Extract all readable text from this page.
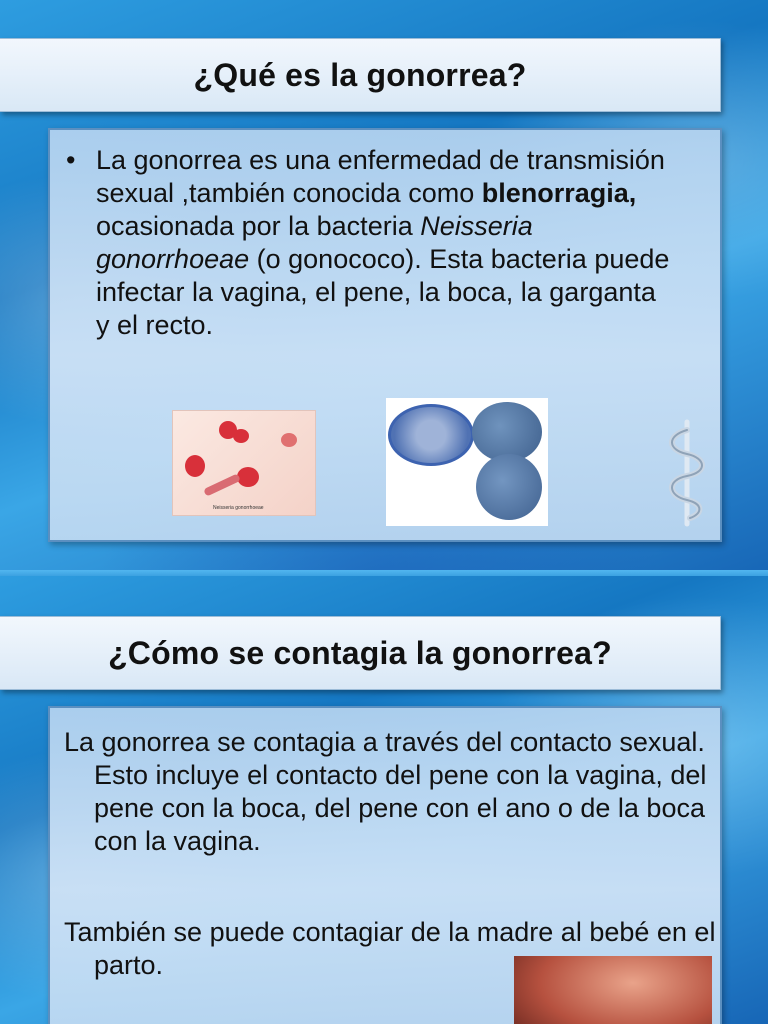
¿Qué es la gonorrea?
• La gonorrea es una enfermedad de transmisión sexual ,también conocida como blenorragia, ocasionada por la bacteria Neisseria gonorrhoeae (o gonococo). Esta bacteria puede infectar la vagina, el pene, la boca, la garganta y el recto.
Neisseria gonorrhoeae
¿Cómo se contagia la gonorrea?
La gonorrea se contagia a través del contacto sexual. Esto incluye el contacto del pene con la vagina, del pene con la boca, del pene con el ano o de la boca con la vagina.
También se puede contagiar de la madre al bebé en el parto.
